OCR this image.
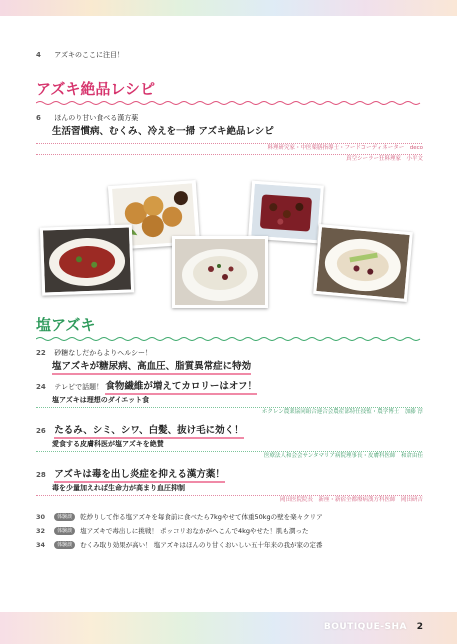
4 アズキのここに注目！
アズキ絶品レシピ
6 ほんのり甘い食べる漢方薬
生活習慣病、むくみ、冷えを一掃 アズキ絶品レシピ
料理研究家・中医薬膳指導士・フードコーディネーター　deco
真空シーラー狂料理家　小平文
塩アズキ
22 砂糖なしだからよりヘルシー！
塩アズキが糖尿病、高血圧、脂質異常症に特効
24 テレビで話題！ 食物繊維が増えてカロリーはオフ！
塩アズキは理想のダイエット食
ホクレン農業協同組合連合会農産部特任技監・農学博士　加藤 淳
26 たるみ、シミ、シワ、白髪、抜け毛に効く！
愛食する皮膚科医が塩アズキを絶賛
医療法人和会会サンタマリア病院理事長・皮膚科医師　和倉由佳
28 アズキは毒を出し炎症を抑える漢方薬！
毒を少量加えれば生命力が高まり血圧抑制
岡田医院院長　新座・新宿全都療病漢方科医師　岡田研吉
30 体験談 乾炒りして作る塩アズキを毎食前に食べたら7kgやせて体重50kgの壁を楽々クリア
32 体験談 塩アズキで毒出しに挑戦！ ポッコリおなかがへこんで4kgやせた！肌も潤った
34 体験談 むくみ取り効果が高い！ 塩アズキはほんのり甘くおいしい五十年来の我が家の定番
BOUTIQUE-SHA 2
